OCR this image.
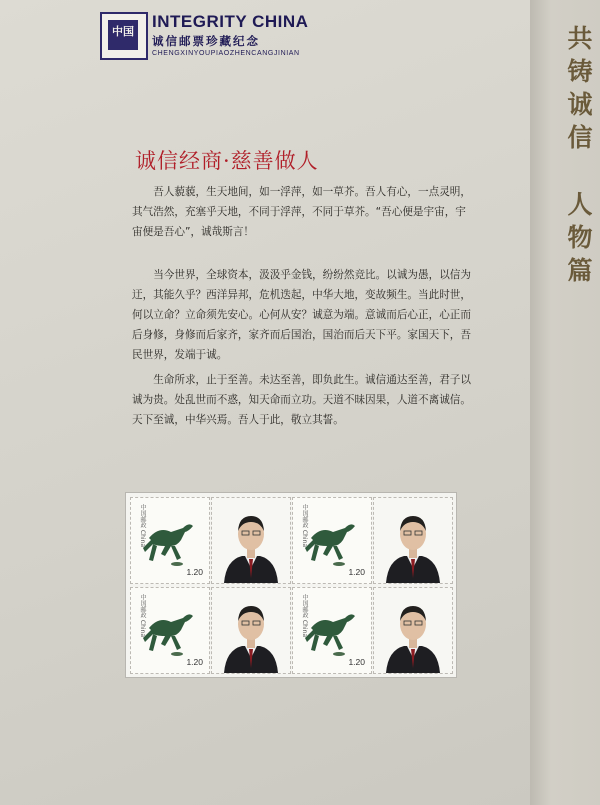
中国
INTEGRITY CHINA
诚信邮票珍藏纪念
CHENGXINYOUPIAOZHENCANGJINIAN
共
铸
诚
信
人
物
篇
诚信经商·慈善做人

吾人藐藐，生天地间，如一浮萍，如一草芥。吾人有心，一点灵明，其气浩然，充塞乎天地，不同于浮萍，不同于草芥。“吾心便是宇宙，宇宙便是吾心”，诚哉斯言！

当今世界，全球资本，汲汲乎金钱，纷纷然竞比。以诚为愚，以信为迂，其能久乎？西洋异邦，危机迭起，中华大地，变故频生。当此时世，何以立命？立命须先安心。心何从安？诚意为端。意诚而后心正，心正而后身修，身修而后家齐，家齐而后国治，国治而后天下平。家国天下，吾民世界，发端于诚。

生命所求，止于至善。未达至善，即负此生。诚信通达至善，君子以诚为贵。处乱世而不惑，知天命而立功。天道不昧因果，人道不离诚信。天下至诚，中华兴焉。吾人于此，敬立其誓。

中国邮政 China
1.20
中国邮政 China
1.20
中国邮政 China
1.20
中国邮政 China
1.20
